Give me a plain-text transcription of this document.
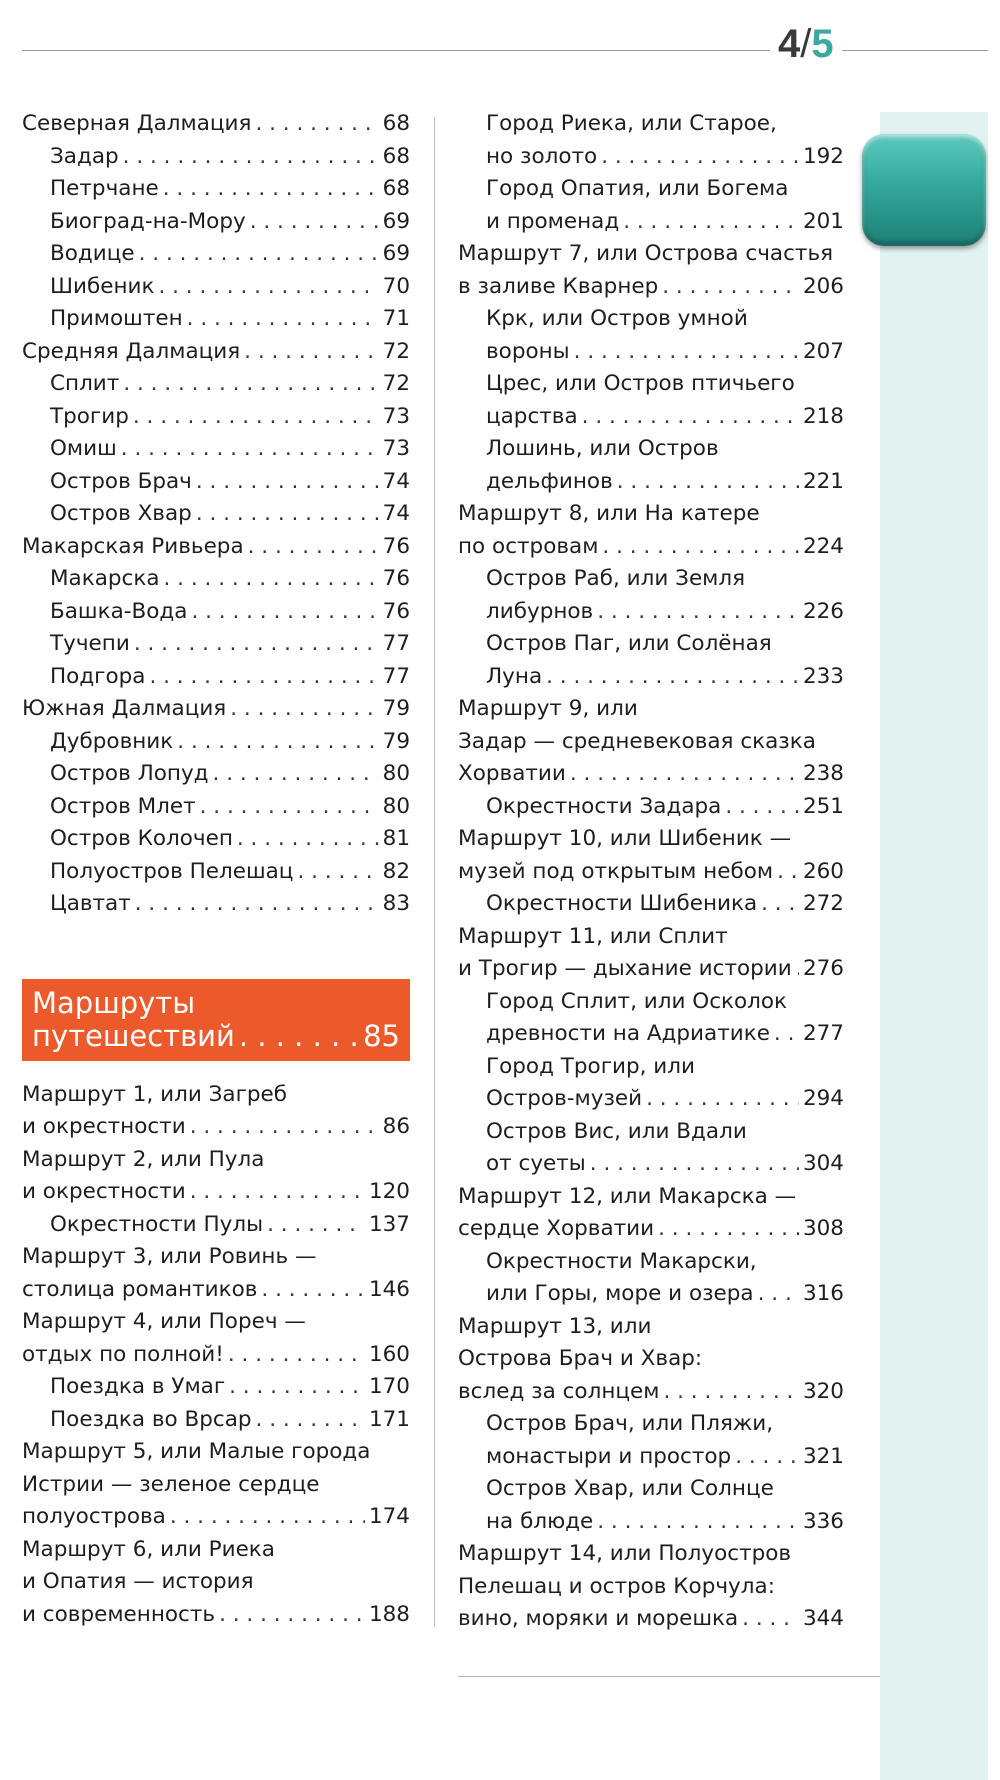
4/5
Северная Далмация . . .	68
Задар . . .	68
Петрчане . . .	68
Биоград-на-Мору . . .	69
Водице . . .	69
Шибеник . . .	70
Примоштен . . .	71
Средняя Далмация . . .	72
Сплит . . .	72
Трогир . . .	73
Омиш . . .	73
Остров Брач . . .	74
Остров Хвар . . .	74
Макарская Ривьера . . .	76
Макарска . . .	76
Башка-Вода . . .	76
Тучепи . . .	77
Подгора . . .	77
Южная Далмация . . .	79
Дубровник . . .	79
Остров Лопуд . . .	80
Остров Млет . . .	80
Остров Колочеп . . .	81
Полуостров Пелешац . . .	82
Цавтат . . .	83
Маршруты
путешествий . . .	85
Маршрут 1, или Загреб
и окрестности . . .	86
Маршрут 2, или Пула
и окрестности . . .	120
Окрестности Пулы . . .	137
Маршрут 3, или Ровинь —
столица романтиков . . .	146
Маршрут 4, или Пореч —
отдых по полной! . . .	160
Поездка в Умаг . . .	170
Поездка во Врсар . . .	171
Маршрут 5, или Малые города
Истрии — зеленое сердце
полуострова . . .	174
Маршрут 6, или Риека
и Опатия — история
и современность . . .	188
Город Риека, или Старое,
но золото . . .	192
Город Опатия, или Богема
и променад . . .	201
Маршрут 7, или Острова счастья
в заливе Кварнер . . .	206
Крк, или Остров умной
вороны . . .	207
Црес, или Остров птичьего
царства . . .	218
Лошинь, или Остров
дельфинов . . .	221
Маршрут 8, или На катере
по островам . . .	224
Остров Раб, или Земля
либурнов . . .	226
Остров Паг, или Солёная
Луна . . .	233
Маршрут 9, или
Задар — средневековая сказка
Хорватии . . .	238
Окрестности Задара . . .	251
Маршрут 10, или Шибеник —
музей под открытым небом . . . 260
Окрестности Шибеника . . . 272
Маршрут 11, или Сплит
и Трогир — дыхание истории . . . 276
Город Сплит, или Осколок
древности на Адриатике . . . 277
Город Трогир, или
Остров-музей . . .	294
Остров Вис, или Вдали
от суеты . . .	304
Маршрут 12, или Макарска —
сердце Хорватии . . .	308
Окрестности Макарски,
или Горы, море и озера . . . 316
Маршрут 13, или
Острова Брач и Хвар:
вслед за солнцем . . .	320
Остров Брач, или Пляжи,
монастыри и простор . . .	321
Остров Хвар, или Солнце
на блюде . . .	336
Маршрут 14, или Полуостров
Пелешац и остров Корчула:
вино, моряки и морешка . . .	344
